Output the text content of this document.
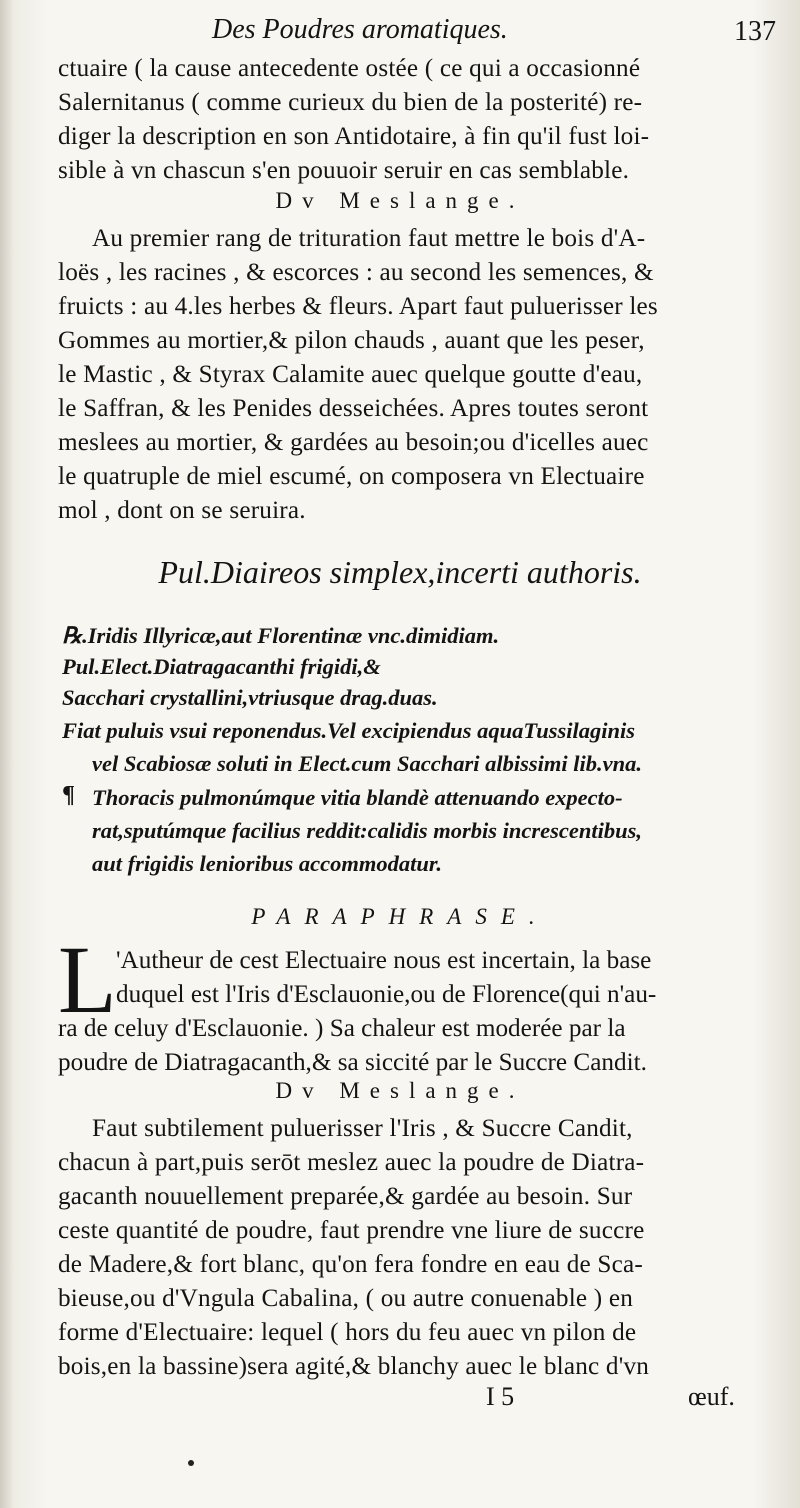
Des Poudres aromatiques.	137
ctuaire ( la cause antecedente ostée ( ce qui a occasionné
Salernitanus ( comme curieux du bien de la posterité) re-
diger la description en son Antidotaire, à fin qu'il fust loi-
sible à vn chascun s'en pouuoir seruir en cas semblable.
Dv Meslange.
Au premier rang de trituration faut mettre le bois d'A-
loës , les racines , & escorces : au second les semences, &
fruicts : au 4.les herbes & fleurs. Apart faut puluerisser les
Gommes au mortier,& pilon chauds , auant que les peser,
le Mastic , & Styrax Calamite auec quelque goutte d'eau,
le Saffran, & les Penides desseichées. Apres toutes seront
meslees au mortier, & gardées au besoin;ou d'icelles auec
le quatruple de miel escumé, on composera vn Electuaire
mol , dont on se seruira.
Pul.Diaireos simplex,incerti authoris.
℞.Iridis Illyricæ,aut Florentinæ vnc.dimidiam.
Pul.Elect.Diatragacanthi frigidi,&
Sacchari crystallini,vtriusque drag.duas.
Fiat puluis vsui reponendus.Vel excipiendus aquaTussilaginis
vel Scabiosæ soluti in Elect.cum Sacchari albissimi lib.vna.
¶ Thoracis pulmonúmque vitia blandè attenuando expecto-
rat,sputúmque facilius reddit:calidis morbis increscentibus,
aut frigidis lenioribus accommodatur.
PARAPHRASE.
L 'Autheur de cest Electuaire nous est incertain, la base
duquel est l'Iris d'Esclauonie,ou de Florence(qui n'au-
ra de celuy d'Esclauonie. ) Sa chaleur est moderée par la
poudre de Diatragacanth,& sa siccité par le Succre Candit.
Dv Meslange.
Faut subtilement puluerisser l'Iris , & Succre Candit,
chacun à part,puis serōt meslez auec la poudre de Diatra-
gacanth nouuellement preparée,& gardée au besoin. Sur
ceste quantité de poudre, faut prendre vne liure de succre
de Madere,& fort blanc, qu'on fera fondre en eau de Sca-
bieuse,ou d'Vngula Cabalina, ( ou autre conuenable ) en
forme d'Electuaire: lequel ( hors du feu auec vn pilon de
bois,en la bassine)sera agité,& blanchy auec le blanc d'vn
I 5	œuf.
